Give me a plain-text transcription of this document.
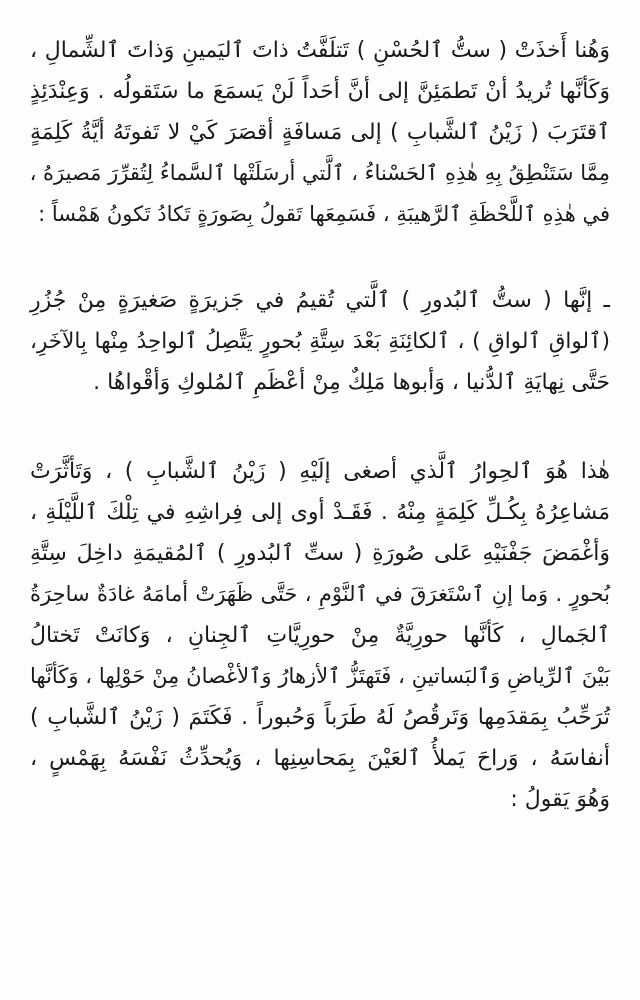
وَهُنا أَخذَتْ ( ستُّ ٱلحُسْنِ ) تَتلَفَّتُ ذاتَ ٱليَمينِ وَذاتَ ٱلشِّمالِ ،
وَكَأنَّها تُريدُ أنْ تَطمَئِنَّ إلى أنَّ أحَداً لَنْ يَسمَعَ ما سَتَقولُه . وَعِنْدَئِذٍ
ٱقتَرَبَ ( زَيْنُ ٱلشَّبابِ ) إلى مَسافَةٍ أقصَرَ كَيْ لا تَفوتَهُ أيَّةُ كَلِمَةٍ
مِمَّا سَتَنْطِقُ بِهِ هٰذِهِ ٱلحَسْناءُ ، ٱلَّتي أرسَلَتْها ٱلسَّماءُ لِتُقرِّرَ مَصيرَهُ ،
في هٰذِهِ ٱللَّحْظَةِ ٱلرَّهيبَةِ ، فَسَمِعَها تَقولُ بِصَورَةٍ تَكادُ تَكونُ هَمْساً :

ـ إنَّها ( ستُّ ٱلبُدورِ ) ٱلَّتي تُقيمُ في جَزيرَةٍ صَغيرَةٍ مِنْ جُزُرِ
(ٱلواقِ ٱلواقِ ) ، ٱلكائِنَةِ بَعْدَ سِتَّةِ بُحورٍ يَتَّصِلُ ٱلواحِدُ مِنْها بِالآخَرِ،
حَتَّى نِهايَةِ ٱلدُّنيا ، وَأبوها مَلِكٌ مِنْ أعْظَمِ ٱلمُلوكِ وَأقْواهُا .

هٰذا هُوَ ٱلحِوارُ ٱلَّذي أصغى إلَيْهِ ( زَيْنُ ٱلشَّبابِ ) ، وَتَأثَّرَتْ
مَشاعِرُهُ بِكُـلِّ كَلِمَةٍ مِنْهُ . فَقَـدْ أوى إلى فِراشِهِ في تِلْكَ ٱللَّيْلَةِ ،
وَأغْمَضَ جَفْنَيْهِ عَلى صُورَةِ ( ستِّ ٱلبُدورِ ) ٱلمُقيمَةِ داخِلَ سِتَّةِ
بُحورٍ . وَما إنِ ٱسْتَغرَقَ في ٱلنَّوْمِ ، حَتَّى ظَهَرَتْ أمامَهُ غادَةٌ ساحِرَةُ
ٱلجَمالِ ، كَأنَّها حورِيَّةٌ مِنْ حورِيَّاتِ ٱلجِنانِ ، وَكانَتْ تَختالُ
بَيْنَ ٱلرِّياضِ وَٱلبَساتينِ ، فَتَهتَزُّ ٱلأزهارُ وَٱلأغْصانُ مِنْ حَوْلِها ، وَكَأنَّها
تُرَحِّبُ بِمَقدَمِها وَتَرقُصُ لَهُ طَرَباً وَحُبوراً . فَكَتَمَ ( زَيْنُ ٱلشَّبابِ )
أنفاسَهُ ، وَراحَ يَملأُ ٱلعَيْنَ بِمَحاسِنِها ، وَيُحدِّثُ نَفْسَهُ بِهَمْسٍ ،
وَهُوَ يَقولُ :
